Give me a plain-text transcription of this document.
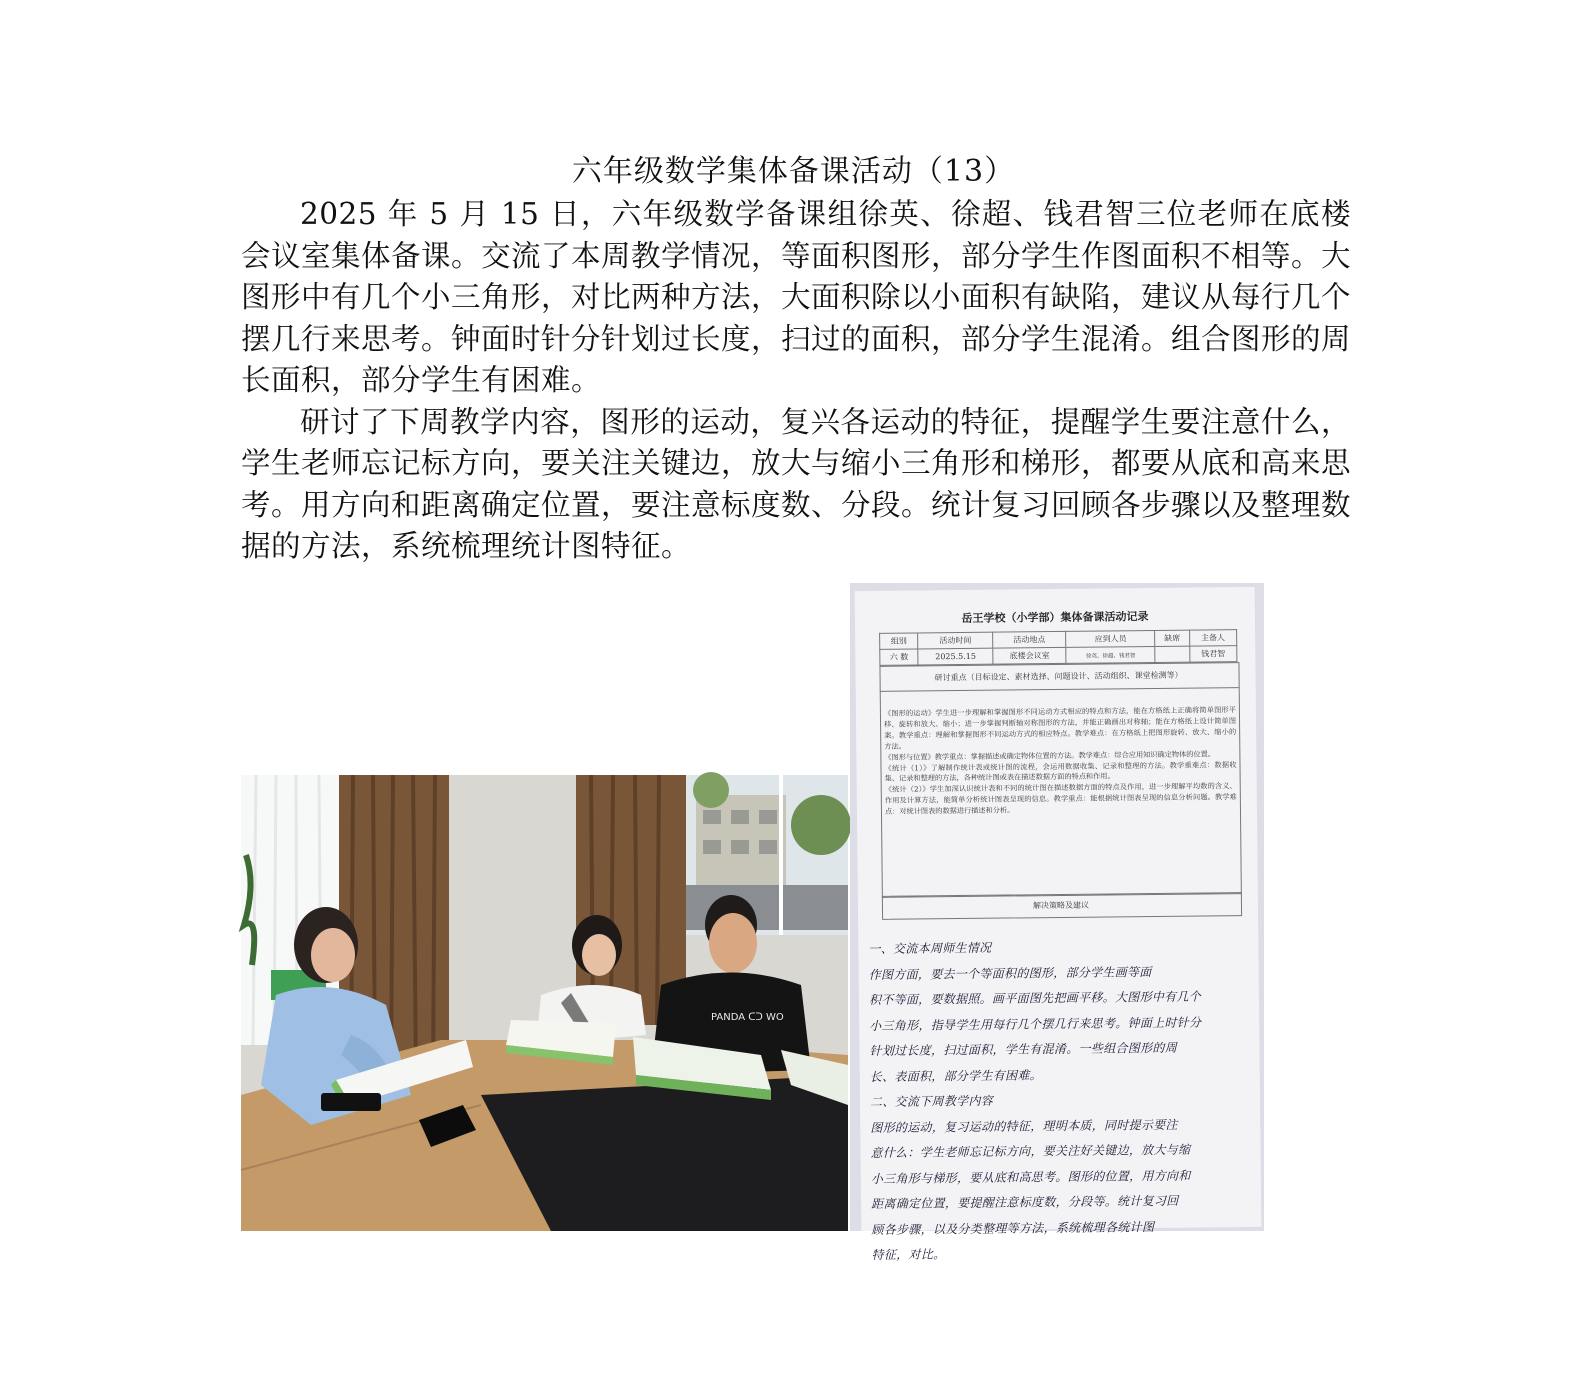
六年级数学集体备课活动（13）

2025 年 5 月 15 日，六年级数学备课组徐英、徐超、钱君智三位老师在底楼会议室集体备课。交流了本周教学情况，等面积图形，部分学生作图面积不相等。大图形中有几个小三角形，对比两种方法，大面积除以小面积有缺陷，建议从每行几个摆几行来思考。钟面时针分针划过长度，扫过的面积，部分学生混淆。组合图形的周长面积，部分学生有困难。

研讨了下周教学内容，图形的运动，复兴各运动的特征，提醒学生要注意什么，学生老师忘记标方向，要关注关键边，放大与缩小三角形和梯形，都要从底和高来思考。用方向和距离确定位置，要注意标度数、分段。统计复习回顾各步骤以及整理数据的方法，系统梳理统计图特征。

PANDA ᑕᑐ WO
岳王学校（小学部）集体备课活动记录
组别	活动时间	活动地点	应到人员	缺席	主备人
六 数	2025.5.15	底楼会议室	徐英、徐超、钱君智		钱君智
研讨重点（目标设定、素材选择、问题设计、活动组织、课堂检测等）

《图形的运动》学生进一步理解和掌握图形不同运动方式相应的特点和方法，能在方格纸上正确将简单图形平移、旋转和放大、缩小；进一步掌握判断轴对称图形的方法，并能正确画出对称轴；能在方格纸上设计简单图案。教学重点：理解和掌握图形不同运动方式的相应特点。教学难点：在方格纸上把图形旋转、放大、缩小的方法。

《图形与位置》教学重点：掌握描述或确定物体位置的方法。教学难点：综合应用知识确定物体的位置。

《统计（1）》了解制作统计表或统计图的流程，会运用数据收集、记录和整理的方法。教学重难点：数据收集、记录和整理的方法，各种统计图或表在描述数据方面的特点和作用。

《统计（2）》学生加深认识统计表和不同的统计图在描述数据方面的特点及作用，进一步理解平均数的含义、作用及计算方法，能简单分析统计图表呈现的信息。教学重点：能根据统计图表呈现的信息分析问题。教学难点：对统计图表的数据进行描述和分析。

解决策略及建议

一、交流本周师生情况

作图方面，要去一个等面积的图形，部分学生画等面

积不等面，要数据照。画平面图先把画平移。大图形中有几个

小三角形，指导学生用每行几个摆几行来思考。钟面上时针分

针划过长度，扫过面积，学生有混淆。一些组合图形的周

长、表面积，部分学生有困难。

二、交流下周教学内容

图形的运动，复习运动的特征，理明本质，同时提示要注

意什么：学生老师忘记标方向，要关注好关键边，放大与缩

小三角形与梯形，要从底和高思考。图形的位置，用方向和

距离确定位置，要提醒注意标度数，分段等。统计复习回

顾各步骤，以及分类整理等方法，系统梳理各统计图

特征，对比。
